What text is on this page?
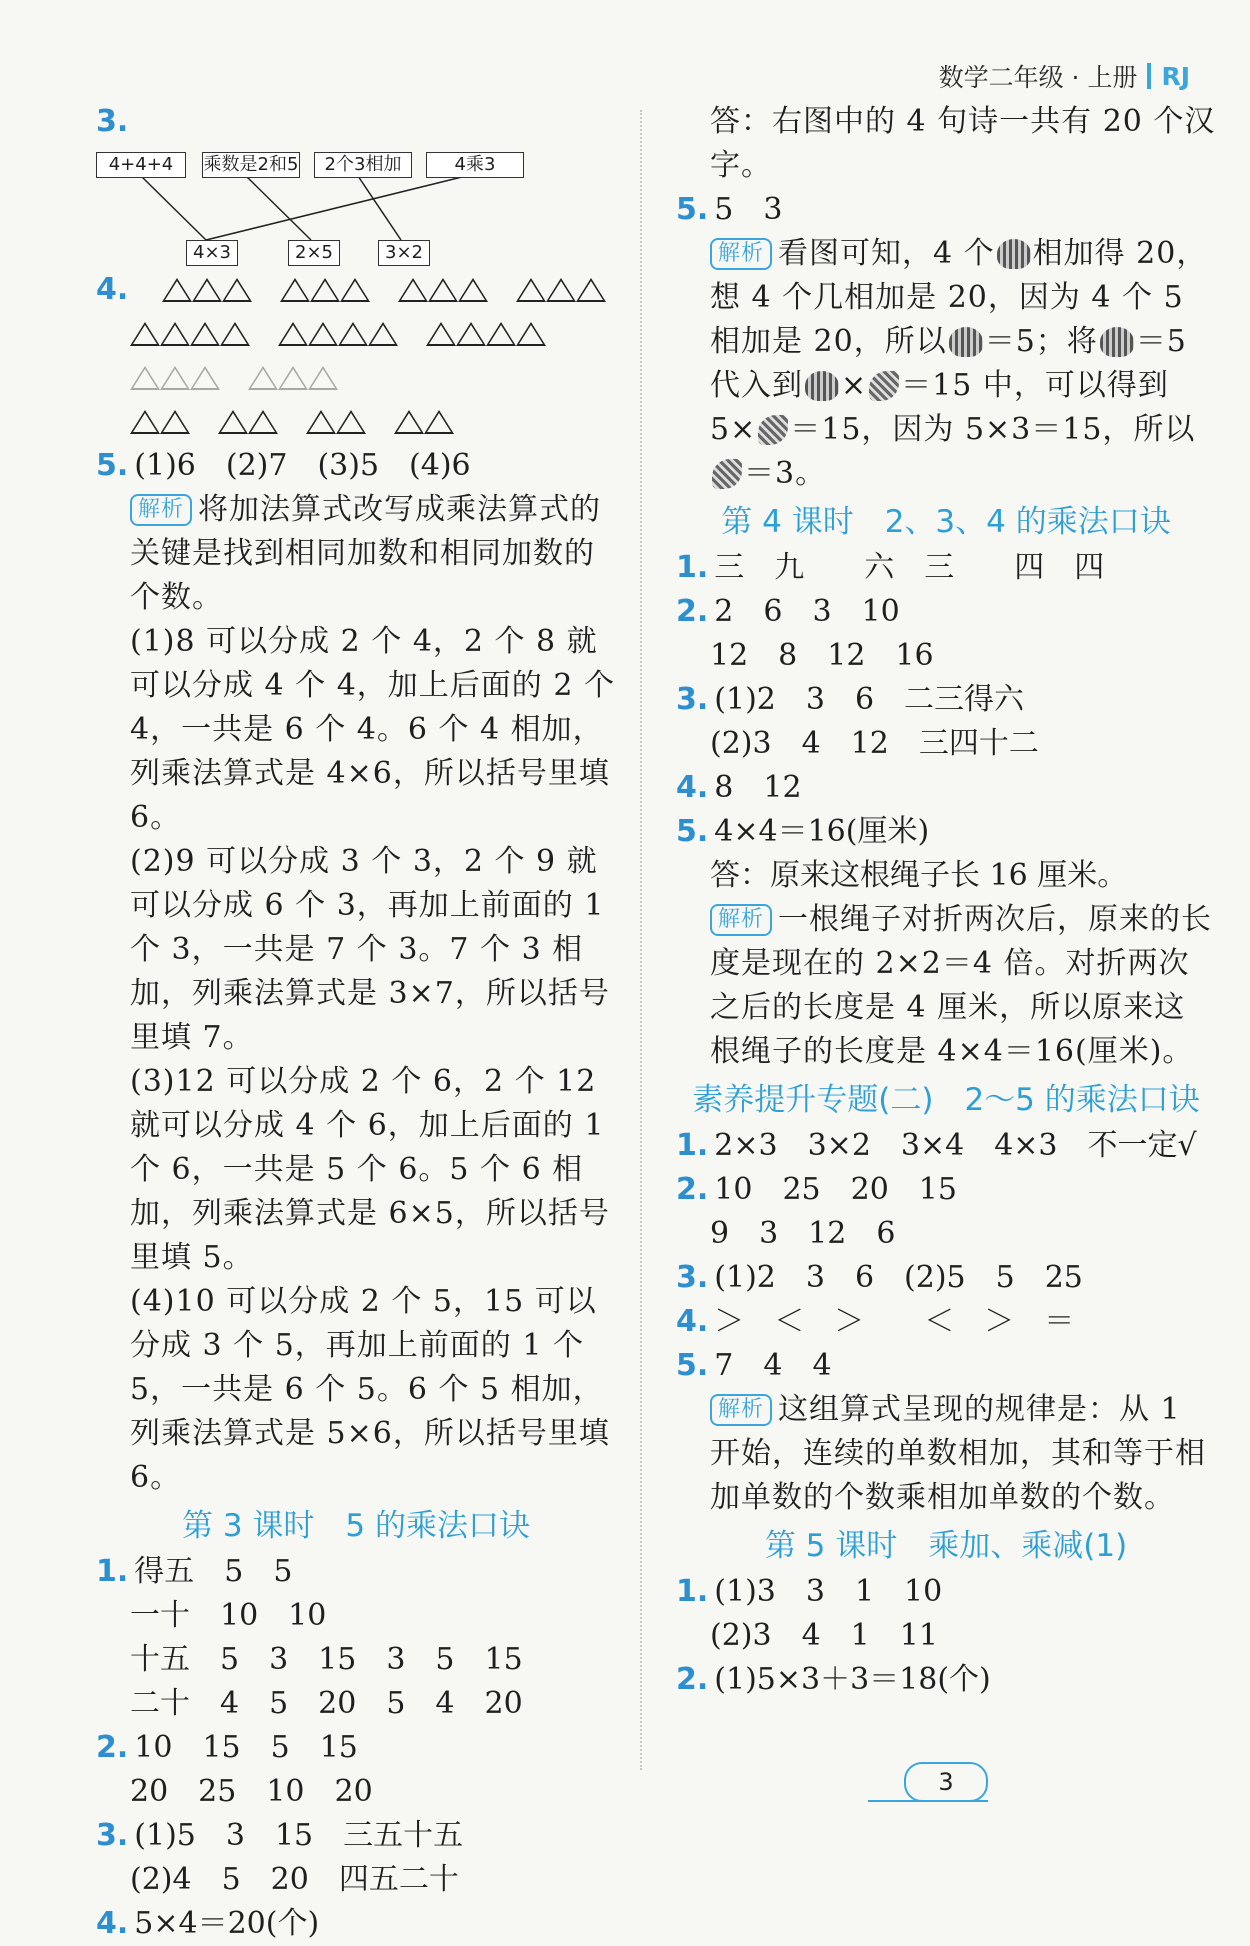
数学二年级 · 上册 RJ
3.
4+4+4	乘数是2和5	2个3相加	4乘3
4×3	2×5	3×2
4.
5. (1)6　(2)7　(3)5　(4)6
解析 将加法算式改写成乘法算式的关键是找到相同加数和相同加数的个数。
(1)8 可以分成 2 个 4，2 个 8 就可以分成 4 个 4，加上后面的 2 个 4，一共是 6 个 4。6 个 4 相加，列乘法算式是 4×6，所以括号里填 6。
(2)9 可以分成 3 个 3，2 个 9 就可以分成 6 个 3，再加上前面的 1 个 3，一共是 7 个 3。7 个 3 相加，列乘法算式是 3×7，所以括号里填 7。
(3)12 可以分成 2 个 6，2 个 12 就可以分成 4 个 6，加上后面的 1 个 6，一共是 5 个 6。5 个 6 相加，列乘法算式是 6×5，所以括号里填 5。
(4)10 可以分成 2 个 5，15 可以分成 3 个 5，再加上前面的 1 个 5，一共是 6 个 5。6 个 5 相加，列乘法算式是 5×6，所以括号里填 6。
第 3 课时　5 的乘法口诀
1. 得五　5　5
一十　10　10
十五　5　3　15　3　5　15
二十　4　5　20　5　4　20
2. 10　15　5　15
20　25　10　20
3. (1)5　3　15　三五十五
(2)4　5　20　四五二十
4. 5×4＝20(个)
答：右图中的 4 句诗一共有 20 个汉字。
5. 5　3
解析 看图可知，4 个 相加得 20，想 4 个几相加是 20，因为 4 个 5 相加是 20，所以 ＝5；将 ＝5 代入到 × ＝15 中，可以得到 5× ＝15，因为 5×3＝15，所以＝3。
第 4 课时　2、3、4 的乘法口诀
1. 三　九　　六　三　　四　四
2. 2　6　3　10
12　8　12　16
3. (1)2　3　6　二三得六
(2)3　4　12　三四十二
4. 8　12
5. 4×4＝16(厘米)
答：原来这根绳子长 16 厘米。
解析 一根绳子对折两次后，原来的长度是现在的 2×2＝4 倍。对折两次之后的长度是 4 厘米，所以原来这根绳子的长度是 4×4＝16(厘米)。
素养提升专题(二)　2～5 的乘法口诀
1. 2×3　3×2　3×4　4×3　不一定√
2. 10　25　20　15
9　3　12　6
3. (1)2　3　6　(2)5　5　25
4. ＞　＜　＞　　＜　＞　＝
5. 7　4　4
解析 这组算式呈现的规律是：从 1 开始，连续的单数相加，其和等于相加单数的个数乘相加单数的个数。
第 5 课时　乘加、乘减(1)
1. (1)3　3　1　10
(2)3　4　1　11
2. (1)5×3＋3＝18(个)
3
